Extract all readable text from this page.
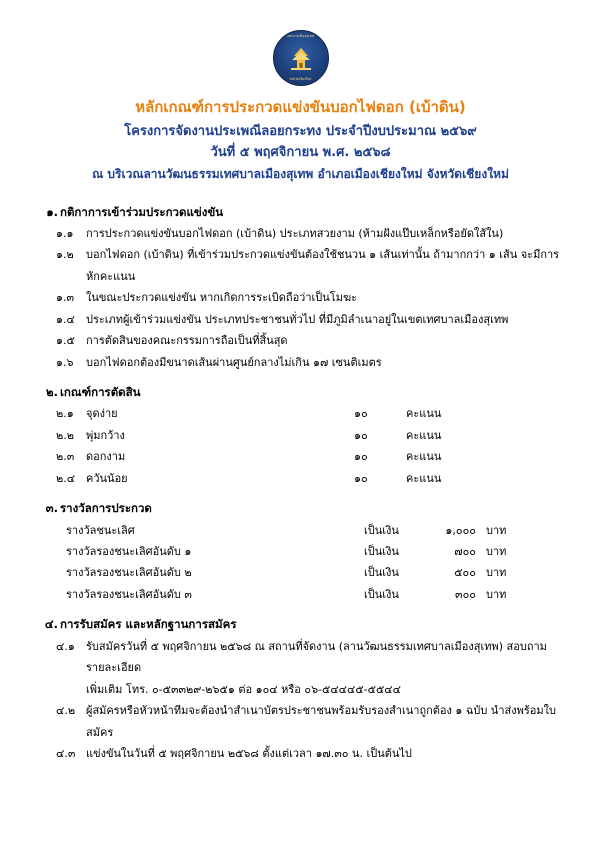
เทศบาลเมืองสุเทพ
จังหวัดเชียงใหม่
หลักเกณฑ์การประกวดแข่งขันบอกไฟดอก (เบ้าดิน)
โครงการจัดงานประเพณีลอยกระทง ประจำปีงบประมาณ ๒๕๖๙
วันที่ ๕ พฤศจิกายน พ.ศ. ๒๕๖๘
ณ บริเวณลานวัฒนธรรมเทศบาลเมืองสุเทพ อำเภอเมืองเชียงใหม่ จังหวัดเชียงใหม่
๑. กติกาการเข้าร่วมประกวดแข่งขัน
๑.๑	การประกวดแข่งขันบอกไฟดอก (เบ้าดิน) ประเภทสวยงาม (ห้ามฝังแป๊บเหล็กหรือยัดใส้ใน)
๑.๒	บอกไฟดอก (เบ้าดิน) ที่เข้าร่วมประกวดแข่งขันต้องใช้ชนวน ๑ เส้นเท่านั้น ถ้ามากกว่า ๑ เส้น จะมีการหักคะแนน
๑.๓	ในขณะประกวดแข่งขัน หากเกิดการระเบิดถือว่าเป็นโมฆะ
๑.๔	ประเภทผู้เข้าร่วมแข่งขัน ประเภทประชาชนทั่วไป ที่มีภูมิลำเนาอยู่ในเขตเทศบาลเมืองสุเทพ
๑.๕	การตัดสินของคณะกรรมการถือเป็นที่สิ้นสุด
๑.๖	บอกไฟดอกต้องมีขนาดเส้นผ่านศูนย์กลางไม่เกิน ๑๗ เซนติเมตร
๒. เกณฑ์การตัดสิน
๒.๑	จุดง่าย	๑๐	คะแนน
๒.๒	พุ่มกว้าง	๑๐	คะแนน
๒.๓	ดอกงาม	๑๐	คะแนน
๒.๔ ควันน้อย	๑๐	คะแนน
๓. รางวัลการประกวด
รางวัลชนะเลิศ	เป็นเงิน	๑,๐๐๐ บาท
รางวัลรองชนะเลิศอันดับ ๑	เป็นเงิน	๗๐๐ บาท
รางวัลรองชนะเลิศอันดับ ๒	เป็นเงิน	๕๐๐ บาท
รางวัลรองชนะเลิศอันดับ ๓	เป็นเงิน	๓๐๐ บาท
๔. การรับสมัคร และหลักฐานการสมัคร
๔.๑	รับสมัครวันที่ ๕ พฤศจิกายน ๒๕๖๘ ณ สถานที่จัดงาน (ลานวัฒนธรรมเทศบาลเมืองสุเทพ) สอบถามรายละเอียด
เพิ่มเติม โทร. ๐-๕๓๓๒๙-๒๖๕๑ ต่อ ๑๐๔ หรือ ๐๖-๕๔๔๔๕-๕๕๔๔
๔.๒ ผู้สมัครหรือหัวหน้าทีมจะต้องนำสำเนาบัตรประชาชนพร้อมรับรองสำเนาถูกต้อง ๑ ฉบับ นำส่งพร้อมใบสมัคร
๔.๓ แข่งขันในวันที่ ๕ พฤศจิกายน ๒๕๖๘ ตั้งแต่เวลา ๑๗.๓๐ น. เป็นต้นไป
